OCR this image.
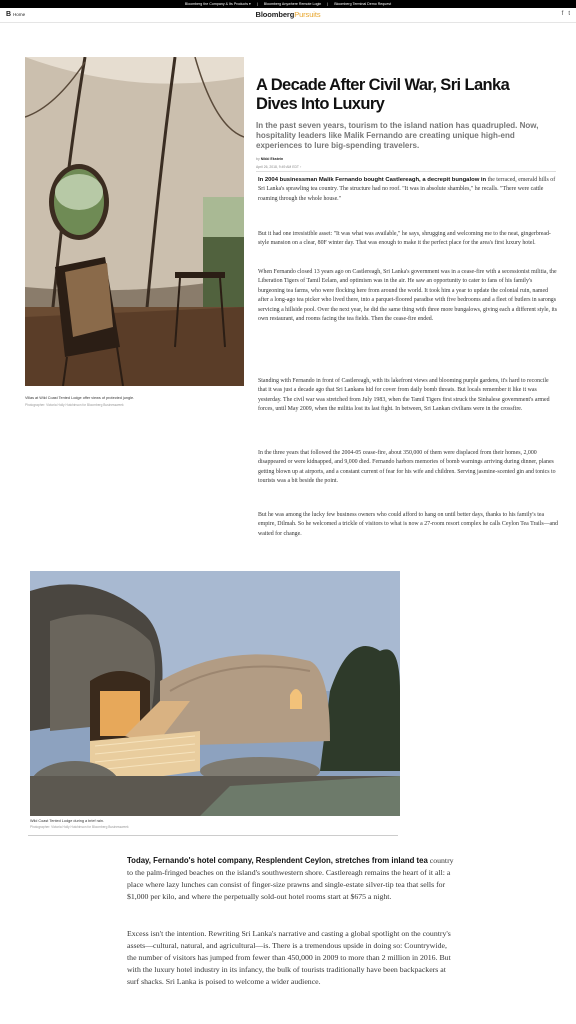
Bloomberg the Company & Its Products ▾ | Bloomberg Anywhere Remote Login | Bloomberg Terminal Demo Request
B Home	BloombergPursuits	f t
Villas at Wild Coast Tented Lodge offer views of protected jungle.
Photographer: Victoria Holly Hutchinson for Bloomberg Businessweek
A Decade After Civil War, Sri Lanka Dives Into Luxury

In the past seven years, tourism to the island nation has quadrupled. Now, hospitality leaders like Malik Fernando are creating unique high-end experiences to lure big-spending travelers.

by Nikki Ekstein
April 26, 2018, 9:49 AM EDT ↑

In 2004 businessman Malik Fernando bought Castlereagh, a decrepit bungalow in the terraced, emerald hills of Sri Lanka's sprawling tea country. The structure had no roof. "It was in absolute shambles," he recalls. "There were cattle roaming through the whole house."

But it had one irresistible asset: "It was what was available," he says, shrugging and welcoming me to the neat, gingerbread-style mansion on a clear, 80F winter day. That was enough to make it the perfect place for the area's first luxury hotel.

When Fernando closed 13 years ago on Castlereagh, Sri Lanka's government was in a cease-fire with a secessionist militia, the Liberation Tigers of Tamil Eelam, and optimism was in the air. He saw an opportunity to cater to fans of his family's burgeoning tea farms, who were flocking here from around the world. It took him a year to update the colonial ruin, named after a long-ago tea picker who lived there, into a parquet-floored paradise with five bedrooms and a fleet of butlers in sarongs servicing a hillside pool. Over the next year, he did the same thing with three more bungalows, giving each a different style, its own restaurant, and rooms facing the tea fields. Then the cease-fire ended.

Standing with Fernando in front of Castlereagh, with its lakefront views and blooming purple gardens, it's hard to reconcile that it was just a decade ago that Sri Lankans hid for cover from daily bomb threats. But locals remember it like it was yesterday. The civil war was stretched from July 1983, when the Tamil Tigers first struck the Sinhalese government's armed forces, until May 2009, when the militia lost its last fight. In between, Sri Lankan civilians were in the crossfire.

In the three years that followed the 2004-05 cease-fire, about 350,000 of them were displaced from their homes, 2,000 disappeared or were kidnapped, and 9,000 died. Fernando harbors memories of bomb warnings arriving during dinner, planes getting blown up at airports, and a constant current of fear for his wife and children. Serving jasmine-scented gin and tonics to tourists was a bit beside the point.

But he was among the lucky few business owners who could afford to hang on until better days, thanks to his family's tea empire, Dilmah. So he welcomed a trickle of visitors to what is now a 27-room resort complex he calls Ceylon Tea Trails—and waited for change.

Wild Coast Tented Lodge during a brief rain.
Photographer: Victoria Holly Hutchinson for Bloomberg Businessweek

Today, Fernando's hotel company, Resplendent Ceylon, stretches from inland tea country to the palm-fringed beaches on the island's southwestern shore. Castlereagh remains the heart of it all: a place where lazy lunches can consist of finger-size prawns and single-estate silver-tip tea that sells for $1,000 per kilo, and where the perpetually sold-out hotel rooms start at $675 a night.

Excess isn't the intention. Rewriting Sri Lanka's narrative and casting a global spotlight on the country's assets—cultural, natural, and agricultural—is. There is a tremendous upside in doing so: Countrywide, the number of visitors has jumped from fewer than 450,000 in 2009 to more than 2 million in 2016. But with the luxury hotel industry in its infancy, the bulk of tourists traditionally have been backpackers at surf shacks. Sri Lanka is poised to welcome a wider audience.
